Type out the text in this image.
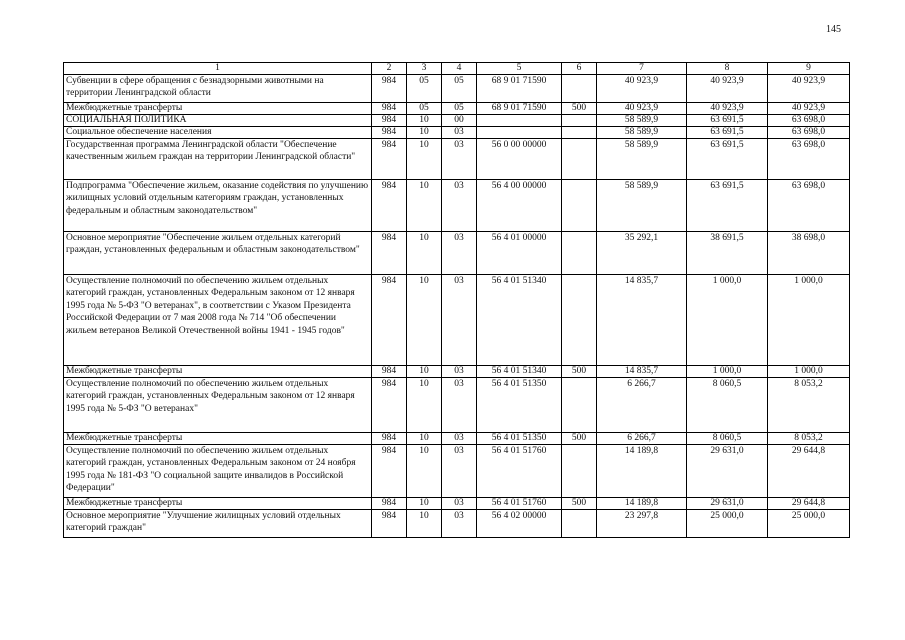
145
1	2	3	4	5	6	7	8	9
Субвенции в сфере обращения с безнадзорными животными на территории Ленинградской области	984	05	05	68 9 01 71590		40 923,9	40 923,9	40 923,9
Межбюджетные трансферты	984	05	05	68 9 01 71590	500	40 923,9	40 923,9	40 923,9
СОЦИАЛЬНАЯ ПОЛИТИКА	984	10	00			58 589,9	63 691,5	63 698,0
Социальное обеспечение населения	984	10	03			58 589,9	63 691,5	63 698,0
Государственная программа Ленинградской области "Обеспечение качественным жильем граждан на территории Ленинградской области"	984	10	03	56 0 00 00000		58 589,9	63 691,5	63 698,0
Подпрограмма "Обеспечение жильем, оказание содействия по улучшению жилищных условий отдельным категориям граждан, установленных федеральным и областным законодательством"	984	10	03	56 4 00 00000		58 589,9	63 691,5	63 698,0
Основное мероприятие "Обеспечение жильем отдельных категорий граждан, установленных федеральным и областным законодательством"	984	10	03	56 4 01 00000		35 292,1	38 691,5	38 698,0
Осуществление полномочий по обеспечению жильем отдельных категорий граждан, установленных Федеральным законом от 12 января 1995 года № 5-ФЗ "О ветеранах", в соответствии с Указом Президента Российской Федерации от 7 мая 2008 года № 714 "Об обеспечении жильем ветеранов Великой Отечественной войны 1941 - 1945 годов"	984	10	03	56 4 01 51340		14 835,7	1 000,0	1 000,0
Межбюджетные трансферты	984	10	03	56 4 01 51340	500	14 835,7	1 000,0	1 000,0
Осуществление полномочий по обеспечению жильем отдельных категорий граждан, установленных Федеральным законом от 12 января 1995 года № 5-ФЗ "О ветеранах"	984	10	03	56 4 01 51350		6 266,7	8 060,5	8 053,2
Межбюджетные трансферты	984	10	03	56 4 01 51350	500	6 266,7	8 060,5	8 053,2
Осуществление полномочий по обеспечению жильем отдельных категорий граждан, установленных Федеральным законом от 24 ноября 1995 года № 181-ФЗ "О социальной защите инвалидов в Российской Федерации"	984	10	03	56 4 01 51760		14 189,8	29 631,0	29 644,8
Межбюджетные трансферты	984	10	03	56 4 01 51760	500	14 189,8	29 631,0	29 644,8
Основное мероприятие "Улучшение жилищных условий отдельных категорий граждан"	984	10	03	56 4 02 00000		23 297,8	25 000,0	25 000,0
